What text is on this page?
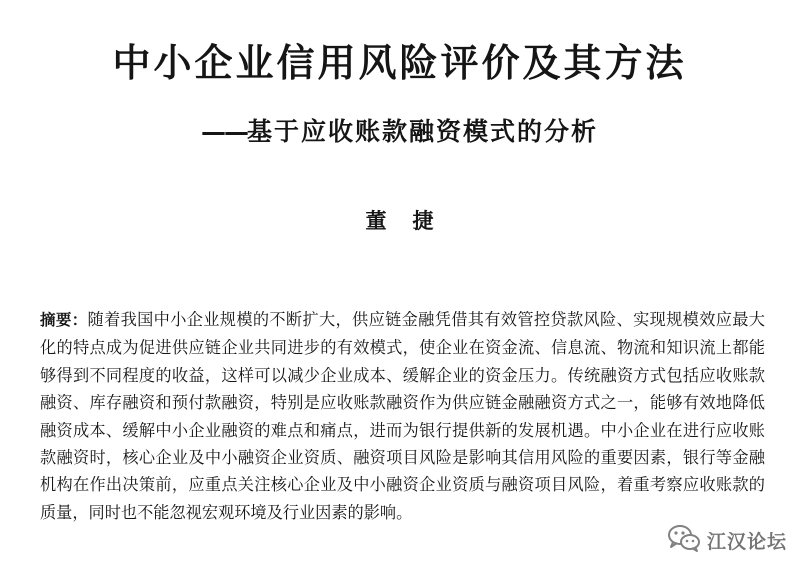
中小企业信用风险评价及其方法
——基于应收账款融资模式的分析
董捷

摘要：随着我国中小企业规模的不断扩大，供应链金融凭借其有效管控贷款风险、实现规模效应最大化的特点成为促进供应链企业共同进步的有效模式，使企业在资金流、信息流、物流和知识流上都能够得到不同程度的收益，这样可以减少企业成本、缓解企业的资金压力。传统融资方式包括应收账款融资、库存融资和预付款融资，特别是应收账款融资作为供应链金融融资方式之一，能够有效地降低融资成本、缓解中小企业融资的难点和痛点，进而为银行提供新的发展机遇。中小企业在进行应收账款融资时，核心企业及中小融资企业资质、融资项目风险是影响其信用风险的重要因素，银行等金融机构在作出决策前，应重点关注核心企业及中小融资企业资质与融资项目风险，着重考察应收账款的质量，同时也不能忽视宏观环境及行业因素的影响。

江汉论坛
